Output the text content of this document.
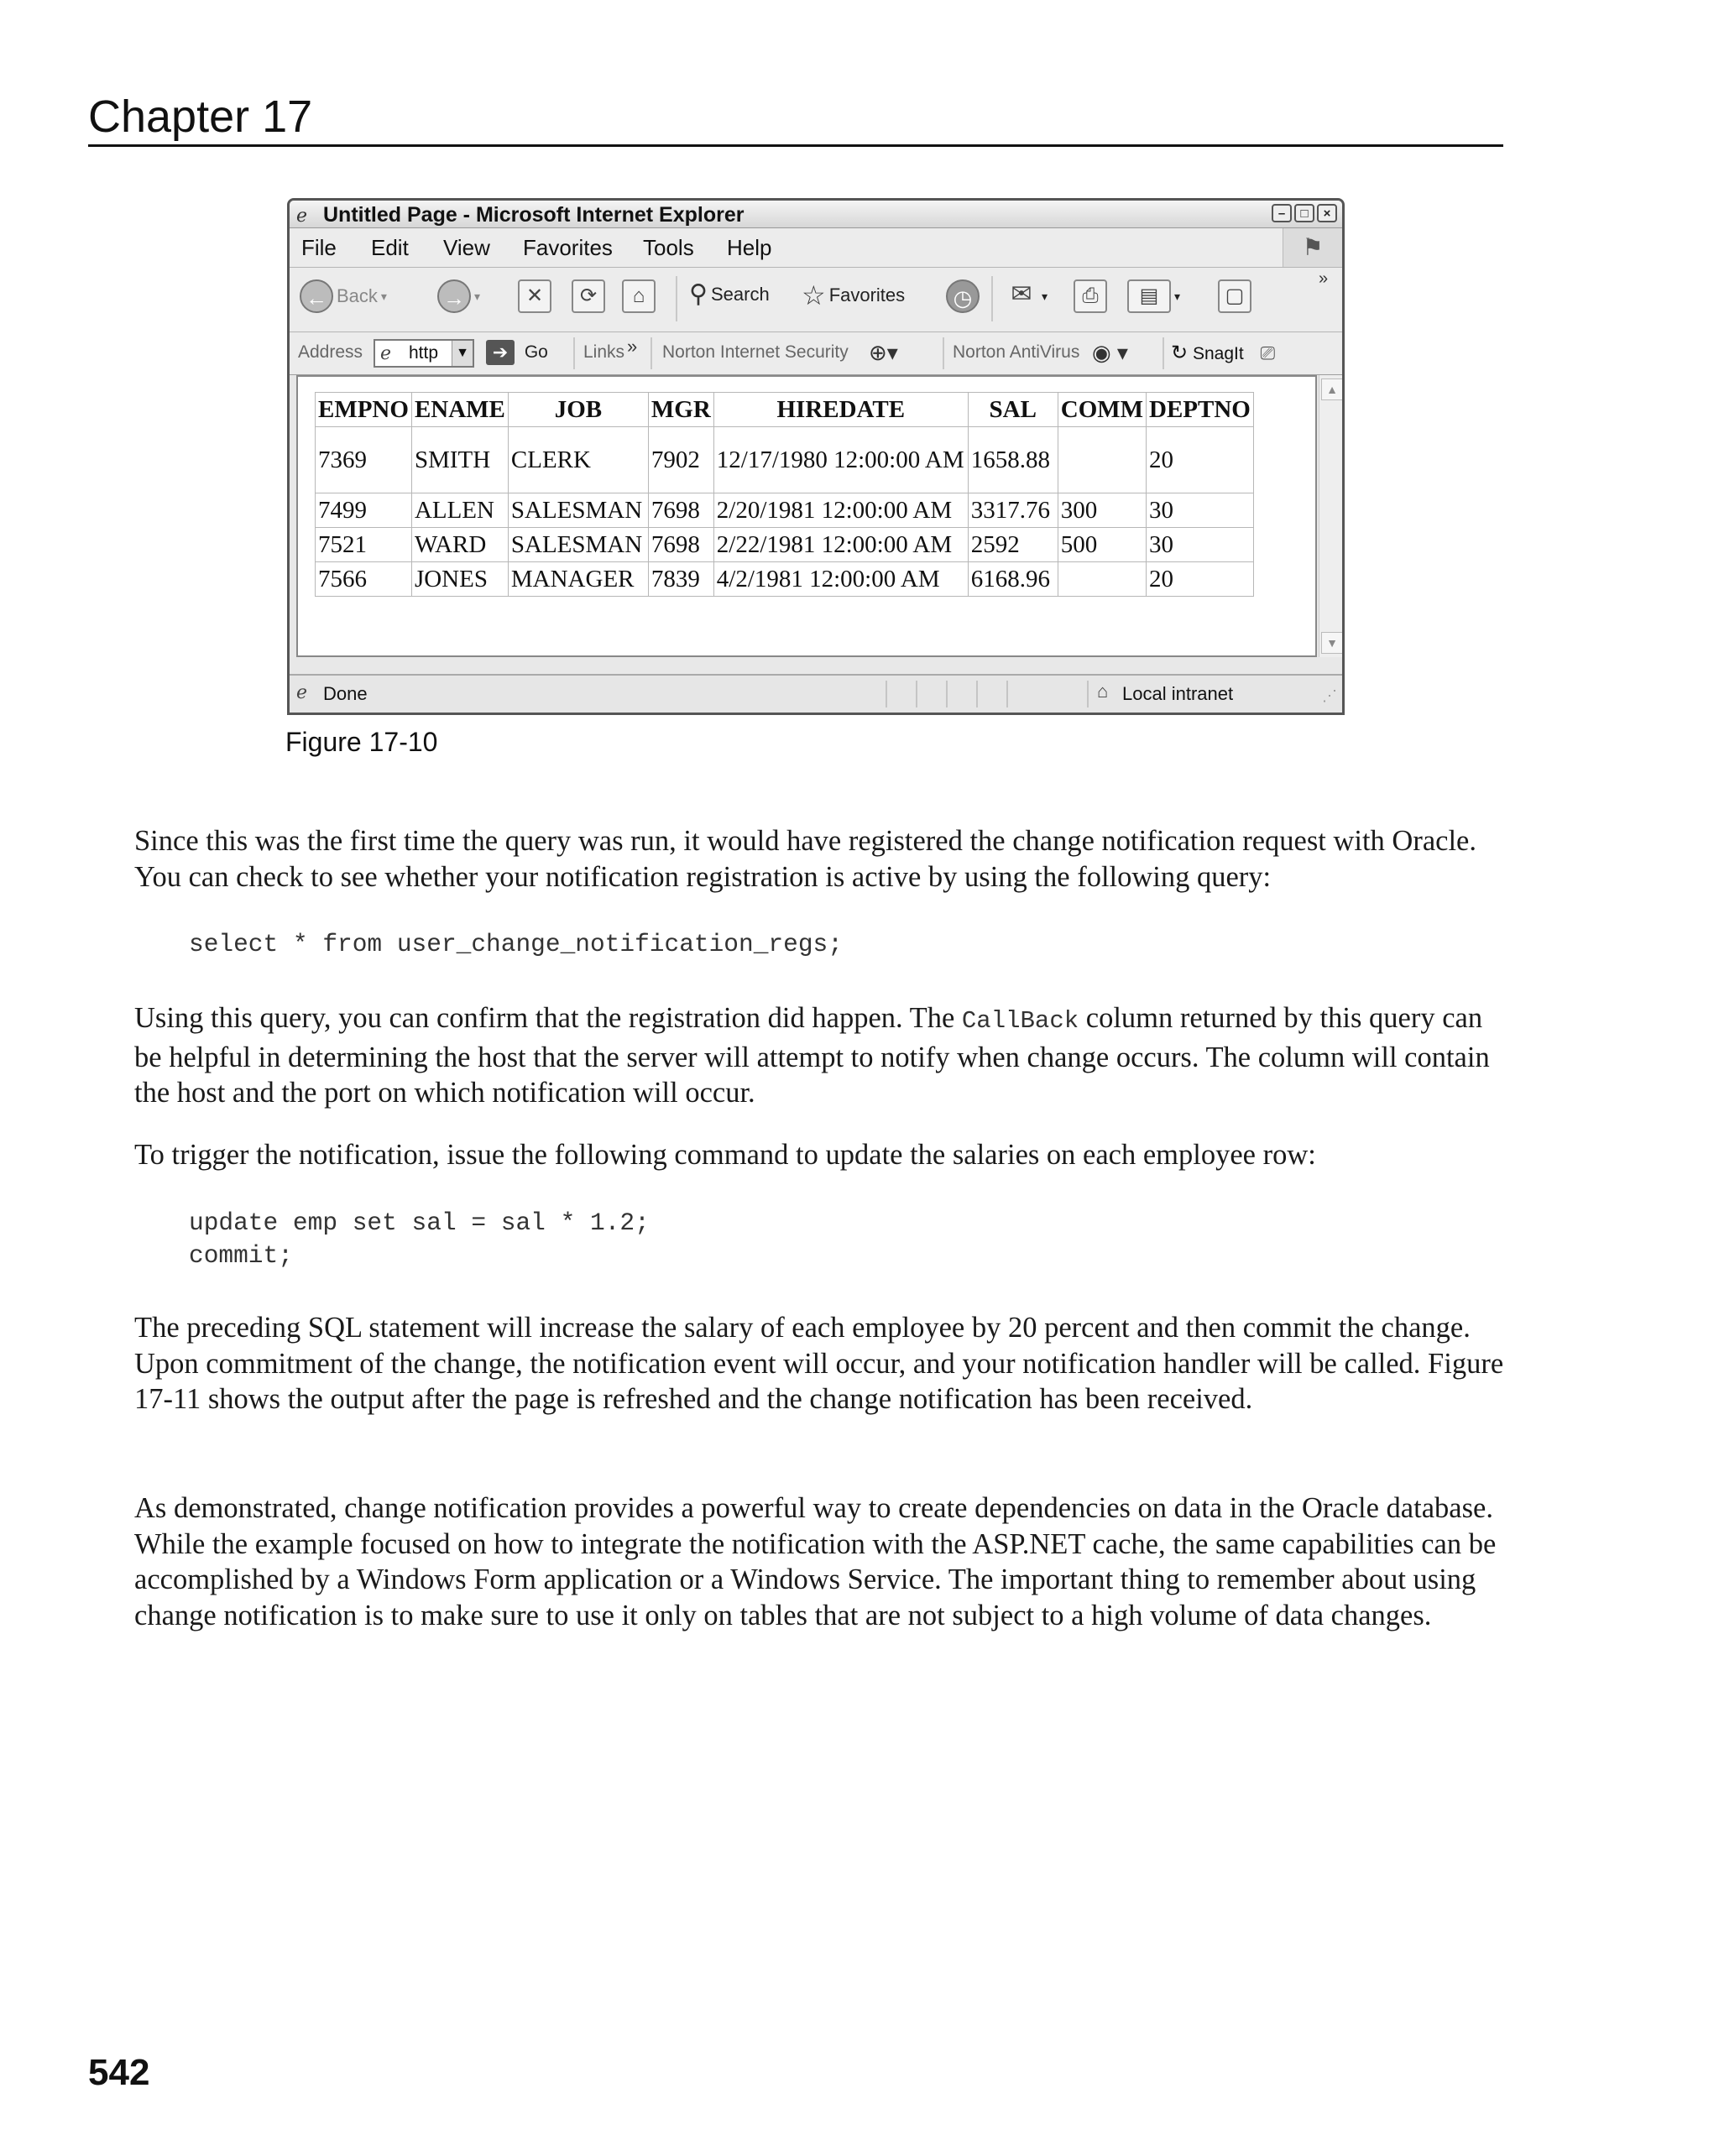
Chapter 17
ℯ Untitled Page - Microsoft Internet Explorer	– □ ×
File Edit View Favorites Tools Help	⚑
← Back ▾	→ ▾	✕	⟳	⌂	⚲ Search ☆ Favorites	◷ ✉ ▾	⎙	▤ ▾	▢
»
Address ℯ http	▼	➔ Go Links » Norton Internet Security ⊕▾	Norton AntiVirus ◉ ▾ ↻ SnagIt ⎚
EMPNO	ENAME	JOB	MGR	HIREDATE	SAL	COMM	DEPTNO
7369	SMITH	CLERK	7902	12/17/1980 12:00:00 AM	1658.88		20
7499	ALLEN	SALESMAN	7698	2/20/1981 12:00:00 AM	3317.76	300	30
7521	WARD	SALESMAN	7698	2/22/1981 12:00:00 AM	2592	500	30
7566	JONES	MANAGER	7839	4/2/1981 12:00:00 AM	6168.96		20
▲
▼
ℯ Done	⌂ Local intranet	⋰
Figure 17-10

Since this was the first time the query was run, it would have registered the change notification request with Oracle. You can check to see whether your notification registration is active by using the following query:

select * from user_change_notification_regs;

Using this query, you can confirm that the registration did happen. The CallBack column returned by this query can be helpful in determining the host that the server will attempt to notify when change occurs. The column will contain the host and the port on which notification will occur.

To trigger the notification, issue the following command to update the salaries on each employee row:

update emp set sal = sal * 1.2;
commit;

The preceding SQL statement will increase the salary of each employee by 20 percent and then commit the change. Upon commitment of the change, the notification event will occur, and your notification handler will be called. Figure 17-11 shows the output after the page is refreshed and the change notification has been received.

As demonstrated, change notification provides a powerful way to create dependencies on data in the Oracle database. While the example focused on how to integrate the notification with the ASP.NET cache, the same capabilities can be accomplished by a Windows Form application or a Windows Service. The important thing to remember about using change notification is to make sure to use it only on tables that are not subject to a high volume of data changes.

542
